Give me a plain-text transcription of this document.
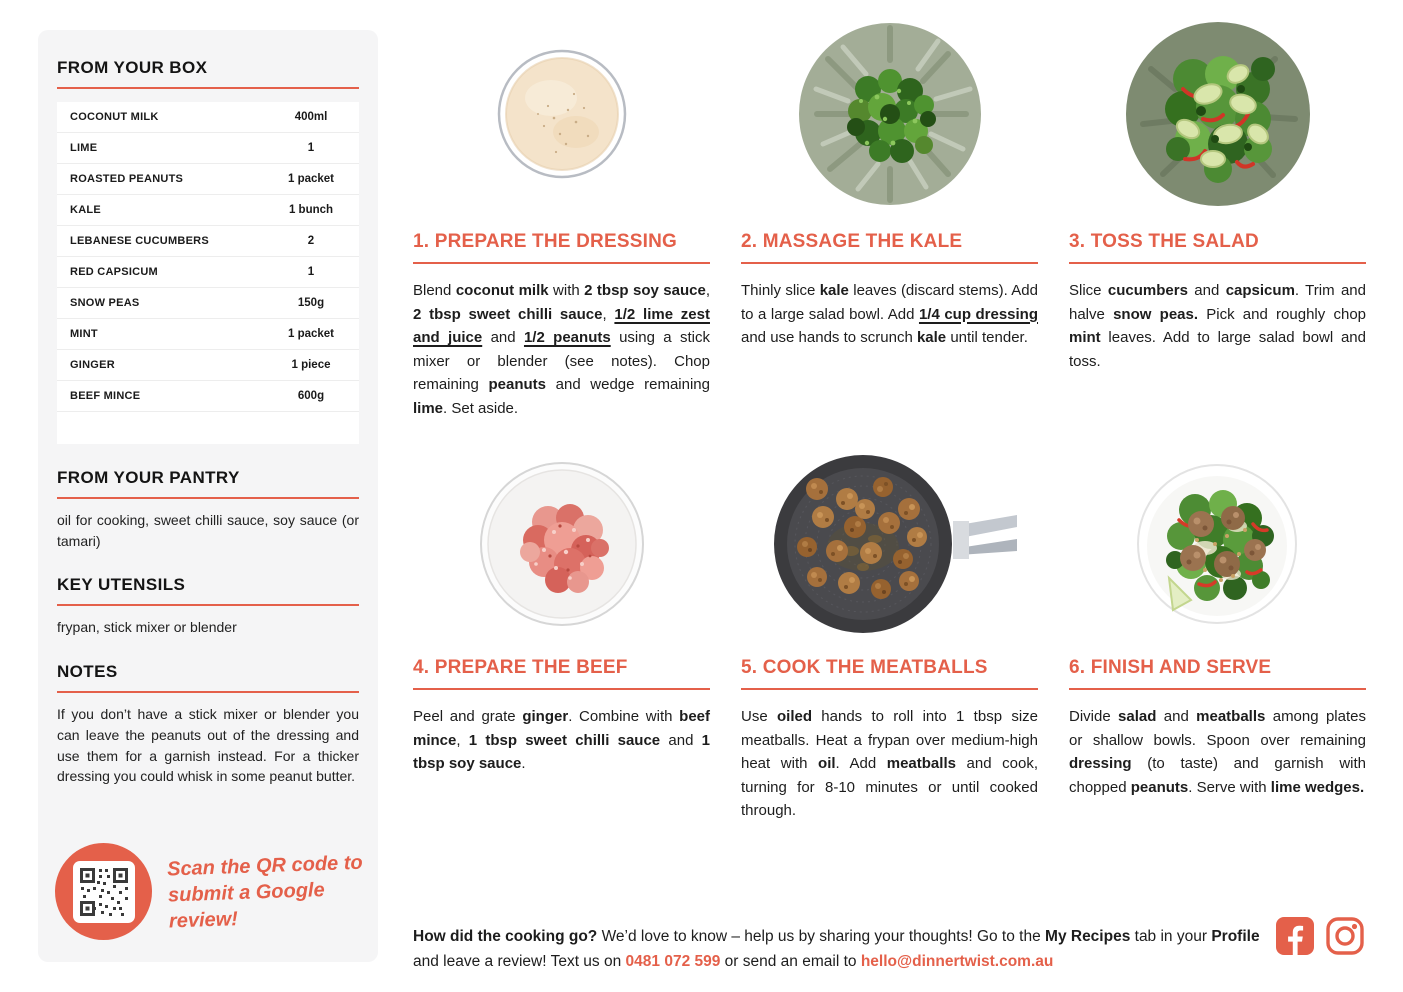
FROM YOUR BOX
COCONUT MILK	400ml
LIME	1
ROASTED PEANUTS	1 packet
KALE	1 bunch
LEBANESE CUCUMBERS	2
RED CAPSICUM	1
SNOW PEAS	150g
MINT	1 packet
GINGER	1 piece
BEEF MINCE	600g
FROM YOUR PANTRY
oil for cooking, sweet chilli sauce, soy sauce (or tamari)
KEY UTENSILS
frypan, stick mixer or blender
NOTES
If you don’t have a stick mixer or blender you can leave the peanuts out of the dressing and use them for a garnish instead. For a thicker dressing you could whisk in some peanut butter.
Scan the QR code to
submit a Google review!
1. PREPARE THE DRESSING

Blend coconut milk with 2 tbsp soy sauce, 2 tbsp sweet chilli sauce, 1/2 lime zest and juice and 1/2 peanuts using a stick mixer or blender (see notes). Chop remaining peanuts and wedge remaining lime. Set aside.

2. MASSAGE THE KALE

Thinly slice kale leaves (discard stems). Add to a large salad bowl. Add 1/4 cup dressing and use hands to scrunch kale until tender.

3. TOSS THE SALAD

Slice cucumbers and capsicum. Trim and halve snow peas. Pick and roughly chop mint leaves. Add to large salad bowl and toss.

4. PREPARE THE BEEF

Peel and grate ginger. Combine with beef mince, 1 tbsp sweet chilli sauce and 1 tbsp soy sauce.

5. COOK THE MEATBALLS

Use oiled hands to roll into 1 tbsp size meatballs. Heat a frypan over medium-high heat with oil. Add meatballs and cook, turning for 8-10 minutes or until cooked through.

6. FINISH AND SERVE

Divide salad and meatballs among plates or shallow bowls. Spoon over remaining dressing (to taste) and garnish with chopped peanuts. Serve with lime wedges.

How did the cooking go? We’d love to know – help us by sharing your thoughts! Go to the My Recipes tab in your Profile and leave a review! Text us on 0481 072 599 or send an email to hello@dinnertwist.com.au
